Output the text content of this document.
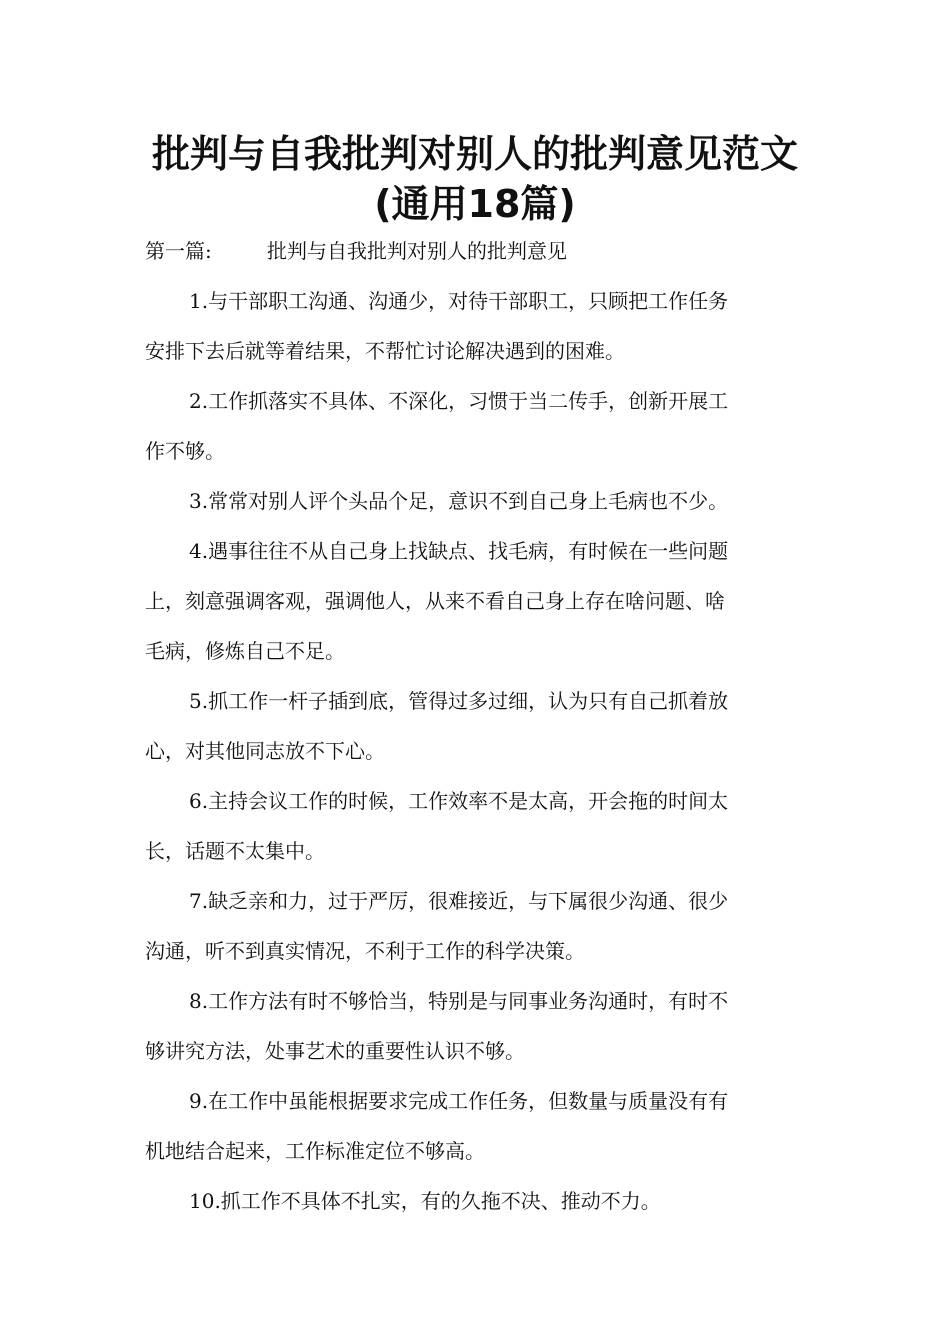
批判与自我批判对别人的批判意见范文
(通用18篇)
第一篇:	批判与自我批判对别人的批判意见
1.与干部职工沟通、沟通少，对待干部职工，只顾把工作任务
安排下去后就等着结果，不帮忙讨论解决遇到的困难。
2.工作抓落实不具体、不深化，习惯于当二传手，创新开展工
作不够。
3.常常对别人评个头品个足，意识不到自己身上毛病也不少。
4.遇事往往不从自己身上找缺点、找毛病，有时候在一些问题
上，刻意强调客观，强调他人，从来不看自己身上存在啥问题、啥
毛病，修炼自己不足。
5.抓工作一杆子插到底，管得过多过细，认为只有自己抓着放
心，对其他同志放不下心。
6.主持会议工作的时候，工作效率不是太高，开会拖的时间太
长，话题不太集中。
7.缺乏亲和力，过于严厉，很难接近，与下属很少沟通、很少
沟通，听不到真实情况，不利于工作的科学决策。
8.工作方法有时不够恰当，特别是与同事业务沟通时，有时不
够讲究方法，处事艺术的重要性认识不够。
9.在工作中虽能根据要求完成工作任务，但数量与质量没有有
机地结合起来，工作标准定位不够高。
10.抓工作不具体不扎实，有的久拖不决、推动不力。
